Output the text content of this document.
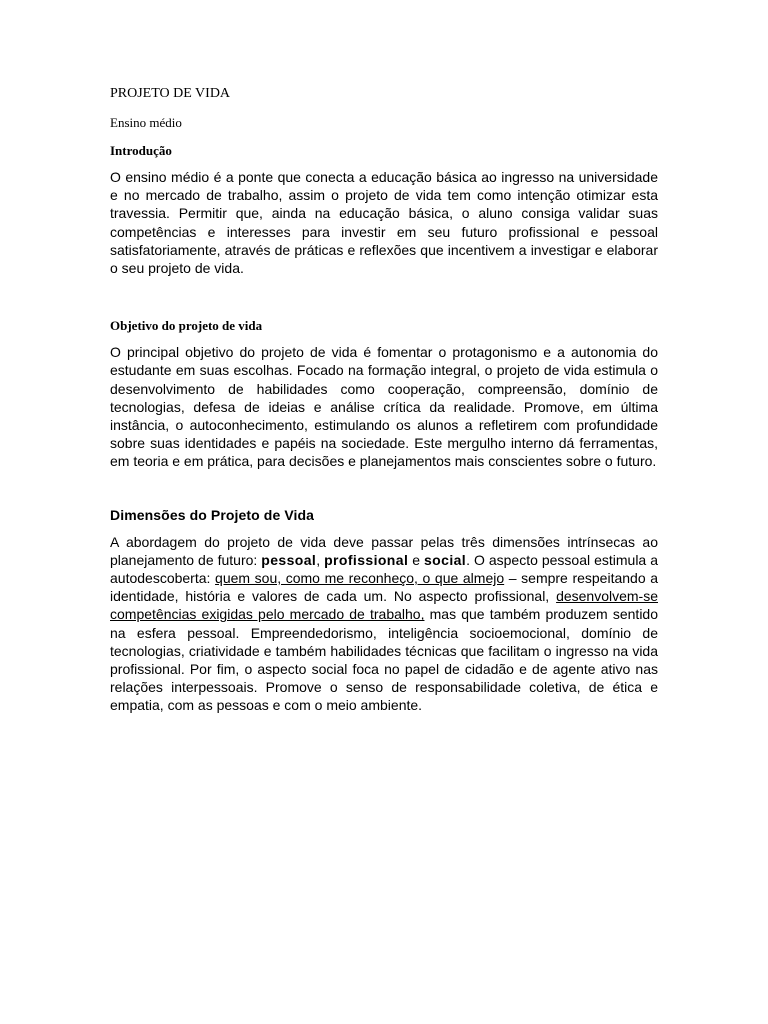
PROJETO DE VIDA
Ensino médio
Introdução

O ensino médio é a ponte que conecta a educação básica ao ingresso na universidade e no mercado de trabalho, assim o projeto de vida tem como intenção otimizar esta travessia. Permitir que, ainda na educação básica, o aluno consiga validar suas competências e interesses para investir em seu futuro profissional e pessoal satisfatoriamente, através de práticas e reflexões que incentivem a investigar e elaborar o seu projeto de vida.

Objetivo do projeto de vida

O principal objetivo do projeto de vida é fomentar o protagonismo e a autonomia do estudante em suas escolhas. Focado na formação integral, o projeto de vida estimula o desenvolvimento de habilidades como cooperação, compreensão, domínio de tecnologias, defesa de ideias e análise crítica da realidade. Promove, em última instância, o autoconhecimento, estimulando os alunos a refletirem com profundidade sobre suas identidades e papéis na sociedade. Este mergulho interno dá ferramentas, em teoria e em prática, para decisões e planejamentos mais conscientes sobre o futuro.

Dimensões do Projeto de Vida

A abordagem do projeto de vida deve passar pelas três dimensões intrínsecas ao planejamento de futuro: pessoal, profissional e social. O aspecto pessoal estimula a autodescoberta: quem sou, como me reconheço, o que almejo – sempre respeitando a identidade, história e valores de cada um. No aspecto profissional, desenvolvem-se competências exigidas pelo mercado de trabalho, mas que também produzem sentido na esfera pessoal. Empreendedorismo, inteligência socioemocional, domínio de tecnologias, criatividade e também habilidades técnicas que facilitam o ingresso na vida profissional. Por fim, o aspecto social foca no papel de cidadão e de agente ativo nas relações interpessoais. Promove o senso de responsabilidade coletiva, de ética e empatia, com as pessoas e com o meio ambiente.
